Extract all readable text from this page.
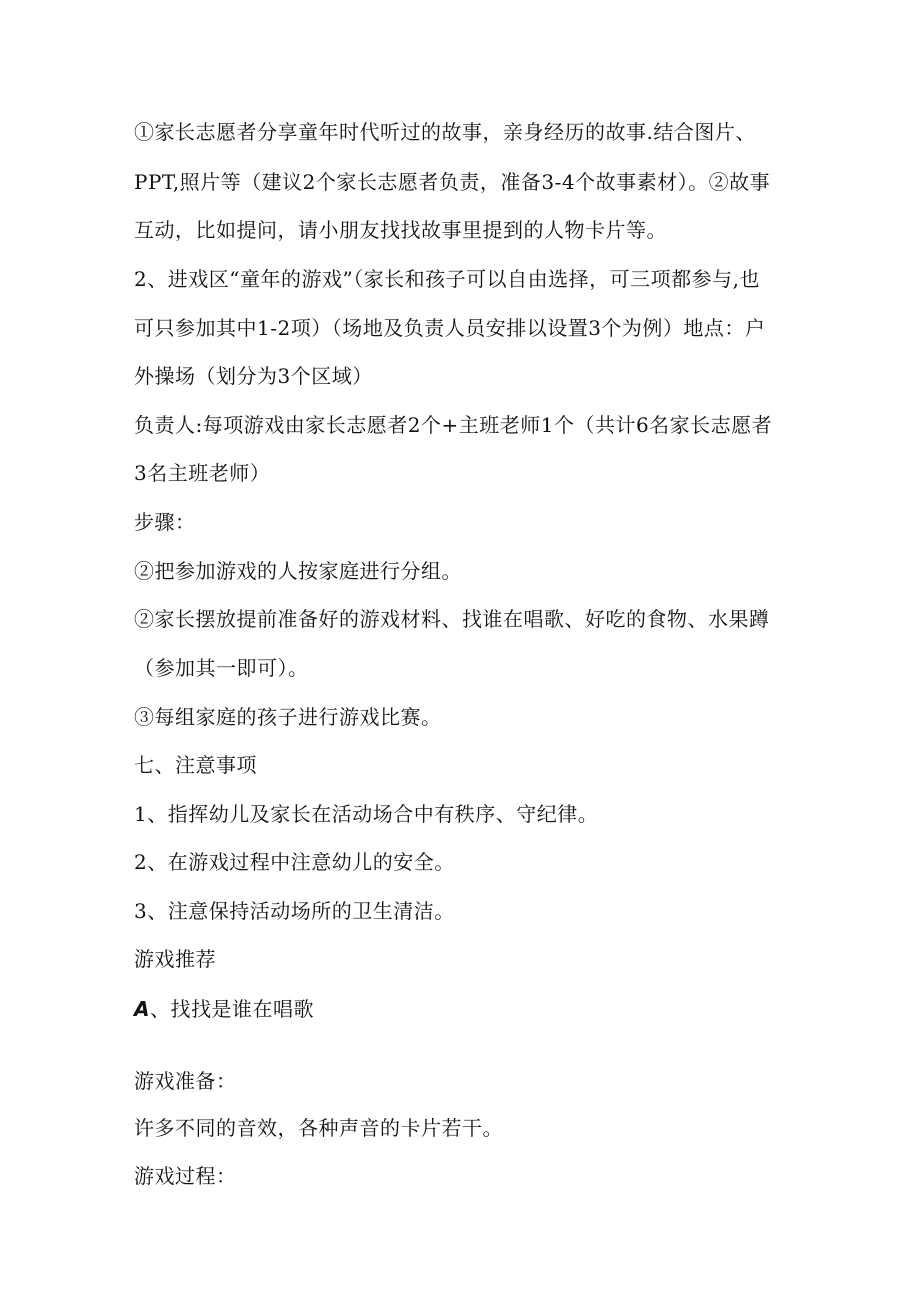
①家长志愿者分享童年时代听过的故事，亲身经历的故事.结合图片、
PPT,照片等（建议2个家长志愿者负责，准备3-4个故事素材）。②故事
互动，比如提问，请小朋友找找故事里提到的人物卡片等。
2、进戏区“童年的游戏”（家长和孩子可以自由选择，可三项都参与,也
可只参加其中1-2项）（场地及负责人员安排以设置3个为例）地点：户
外操场（划分为3个区域）
负责人:每项游戏由家长志愿者2个+主班老师1个（共计6名家长志愿者
3名主班老师）
步骤：
②把参加游戏的人按家庭进行分组。
②家长摆放提前准备好的游戏材料、找谁在唱歌、好吃的食物、水果蹲
（参加其一即可）。
③每组家庭的孩子进行游戏比赛。
七、注意事项
1、指挥幼儿及家长在活动场合中有秩序、守纪律。
2、在游戏过程中注意幼儿的安全。
3、注意保持活动场所的卫生清洁。
游戏推荐
A、找找是谁在唱歌
游戏准备：
许多不同的音效，各种声音的卡片若干。
游戏过程：
